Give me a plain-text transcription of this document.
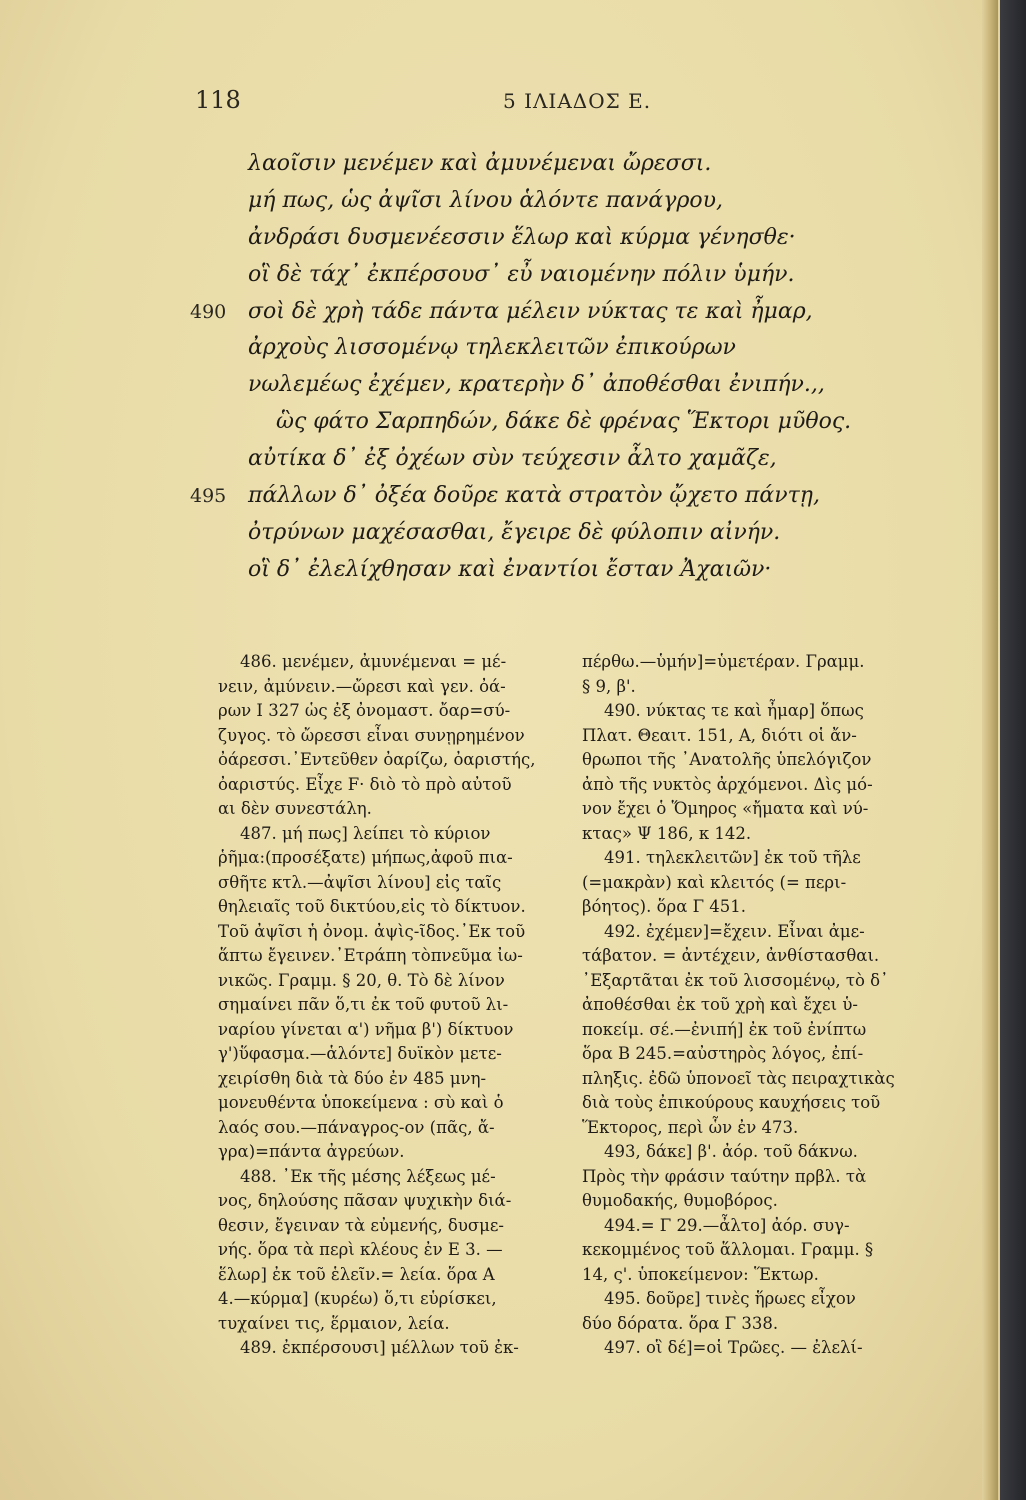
118	5 ΙΛΙΑΔΟΣ Ε.
λαοῖσιν μενέμεν καὶ ἀμυνέμεναι ὤρεσσι.
μή πως, ὡς ἀψῖσι λίνου ἁλόντε πανάγρου,
ἀνδράσι δυσμενέεσσιν ἕλωρ καὶ κύρμα γένησθε·
οἳ δὲ τάχ᾽ ἐκπέρσουσ᾽ εὖ ναιομένην πόλιν ὑμήν.
490 σοὶ δὲ χρὴ τάδε πάντα μέλειν νύκτας τε καὶ ἦμαρ,
ἀρχοὺς λισσομένῳ τηλεκλειτῶν ἐπικούρων
νωλεμέως ἐχέμεν, κρατερὴν δ᾽ ἀποθέσθαι ἐνιπήν.,,
ὣς φάτο Σαρπηδών, δάκε δὲ φρένας Ἕκτορι μῦθος.
αὐτίκα δ᾽ ἐξ ὀχέων σὺν τεύχεσιν ἆλτο χαμᾶζε,
495 πάλλων δ᾽ ὀξέα δοῦρε κατὰ στρατὸν ᾤχετο πάντῃ,
ὀτρύνων μαχέσασθαι, ἔγειρε δὲ φύλοπιν αἰνήν.
οἳ δ᾽ ἐλελίχθησαν καὶ ἐναντίοι ἔσταν Ἀχαιῶν·
486. μενέμεν, ἀμυνέμεναι = μέ-
νειν, ἀμύνειν.—ὤρεσι καὶ γεν. ὀά-
ρων Ι 327 ὡς ἐξ ὀνομαστ. ὄαρ=σύ-
ζυγος. τὸ ὤρεσσι εἶναι συνῃρημένον
ὀάρεσσι.᾿Εντεῦθεν ὀαρίζω, ὀαριστής,
ὀαριστύς. Εἶχε F· διὸ τὸ πρὸ αὐτοῦ
αι δὲν συνεστάλη.
487. μή πως] λείπει τὸ κύριον
ῥῆμα:(προσέξατε) μήπως,ἀφοῦ πια-
σθῆτε κτλ.—ἀψῖσι λίνου] εἰς ταῖς
θηλειαῖς τοῦ δικτύου,εἰς τὸ δίκτυον.
Τοῦ ἀψῖσι ἡ ὀνομ. ἀψὶς-ῖδος.᾿Εκ τοῦ
ἅπτω ἔγεινεν.᾿Ετράπη τὸπνεῦμα ἰω-
νικῶς. Γραμμ. § 20, θ. Τὸ δὲ λίνον
σημαίνει πᾶν ὅ,τι ἐκ τοῦ φυτοῦ λι-
ναρίου γίνεται α') νῆμα β') δίκτυον
γ')ὕφασμα.—ἁλόντε] δυϊκὸν μετε-
χειρίσθη διὰ τὰ δύο ἐν 485 μνη-
μονευθέντα ὑποκείμενα : σὺ καὶ ὁ
λαός σου.—πάναγρος-ον (πᾶς, ἄ-
γρα)=πάντα ἀγρεύων.
488. ᾿Εκ τῆς μέσης λέξεως μέ-
νος, δηλούσης πᾶσαν ψυχικὴν διά-
θεσιν, ἔγειναν τὰ εὐμενής, δυσμε-
νής. ὅρα τὰ περὶ κλέους ἐν Ε 3. —
ἕλωρ] ἐκ τοῦ ἑλεῖν.= λεία. ὅρα Α
4.—κύρμα] (κυρέω) ὅ,τι εὑρίσκει,
τυχαίνει τις, ἕρμαιον, λεία.
489. ἐκπέρσουσι] μέλλων τοῦ ἐκ-
πέρθω.—ὑμήν]=ὑμετέραν. Γραμμ.
§ 9, β'.
490. νύκτας τε καὶ ἦμαρ] ὅπως
Πλατ. Θεαιτ. 151, Α, διότι οἱ ἄν-
θρωποι τῆς ᾿Ανατολῆς ὑπελόγιζον
ἀπὸ τῆς νυκτὸς ἀρχόμενοι. Δὶς μό-
νον ἔχει ὁ Ὅμηρος «ἤματα καὶ νύ-
κτας» Ψ 186, κ 142.
491. τηλεκλειτῶν] ἐκ τοῦ τῆλε
(=μακρὰν) καὶ κλειτός (= περι-
βόητος). ὅρα Γ 451.
492. ἐχέμεν]=ἔχειν. Εἶναι ἀμε-
τάβατον. = ἀντέχειν, ἀνθίστασθαι.
᾿Εξαρτᾶται ἐκ τοῦ λισσομένῳ, τὸ δ᾽
ἀποθέσθαι ἐκ τοῦ χρὴ καὶ ἔχει ὑ-
ποκείμ. σέ.—ἐνιπή] ἐκ τοῦ ἐνίπτω
ὅρα Β 245.=αὐστηρὸς λόγος, ἐπί-
πληξις. ἐδῶ ὑπονοεῖ τὰς πειραχτικὰς
διὰ τοὺς ἐπικούρους καυχήσεις τοῦ
Ἕκτορος, περὶ ὧν ἐν 473.
493, δάκε] β'. ἀόρ. τοῦ δάκνω.
Πρὸς τὴν φράσιν ταύτην πρβλ. τὰ
θυμοδακής, θυμοβόρος.
494.= Γ 29.—ἆλτο] ἀόρ. συγ-
κεκομμένος τοῦ ἅλλομαι. Γραμμ. §
14, ς'. ὑποκείμενον: Ἕκτωρ.
495. δοῦρε] τινὲς ἥρωες εἶχον
δύο δόρατα. ὅρα Γ 338.
497. οἳ δέ]=οἱ Τρῶες. — ἐλελί-
